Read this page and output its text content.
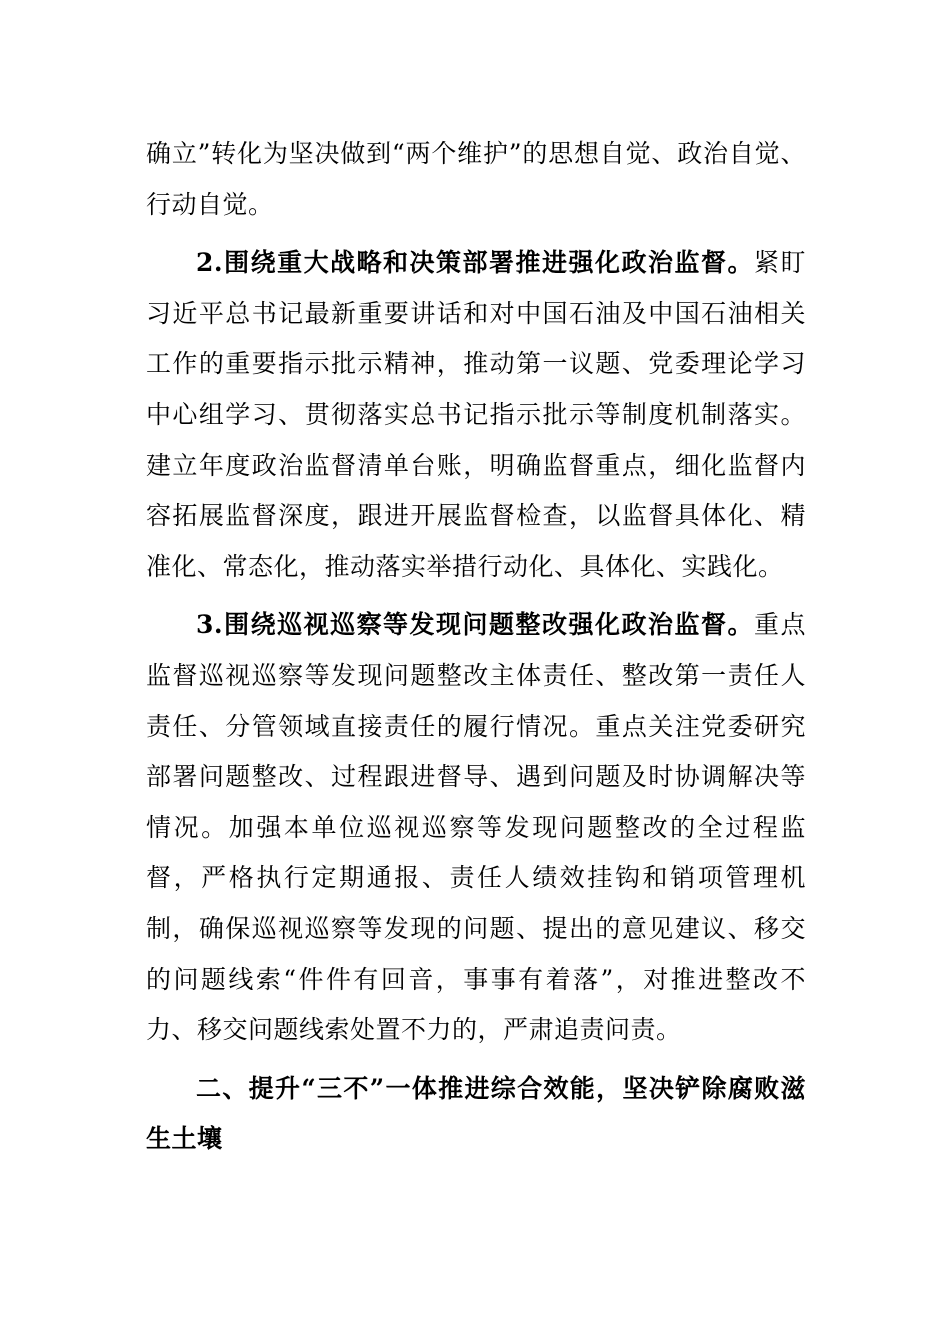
确立”转化为坚决做到“两个维护”的思想自觉、政治自觉、行动自觉。

2.围绕重大战略和决策部署推进强化政治监督。紧盯习近平总书记最新重要讲话和对中国石油及中国石油相关工作的重要指示批示精神，推动第一议题、党委理论学习中心组学习、贯彻落实总书记指示批示等制度机制落实。建立年度政治监督清单台账，明确监督重点，细化监督内容拓展监督深度，跟进开展监督检查，以监督具体化、精准化、常态化，推动落实举措行动化、具体化、实践化。

3.围绕巡视巡察等发现问题整改强化政治监督。重点监督巡视巡察等发现问题整改主体责任、整改第一责任人责任、分管领域直接责任的履行情况。重点关注党委研究部署问题整改、过程跟进督导、遇到问题及时协调解决等情况。加强本单位巡视巡察等发现问题整改的全过程监督，严格执行定期通报、责任人绩效挂钩和销项管理机制，确保巡视巡察等发现的问题、提出的意见建议、移交的问题线索“件件有回音，事事有着落”，对推进整改不力、移交问题线索处置不力的，严肃追责问责。

二、提升“三不”一体推进综合效能，坚决铲除腐败滋生土壤
